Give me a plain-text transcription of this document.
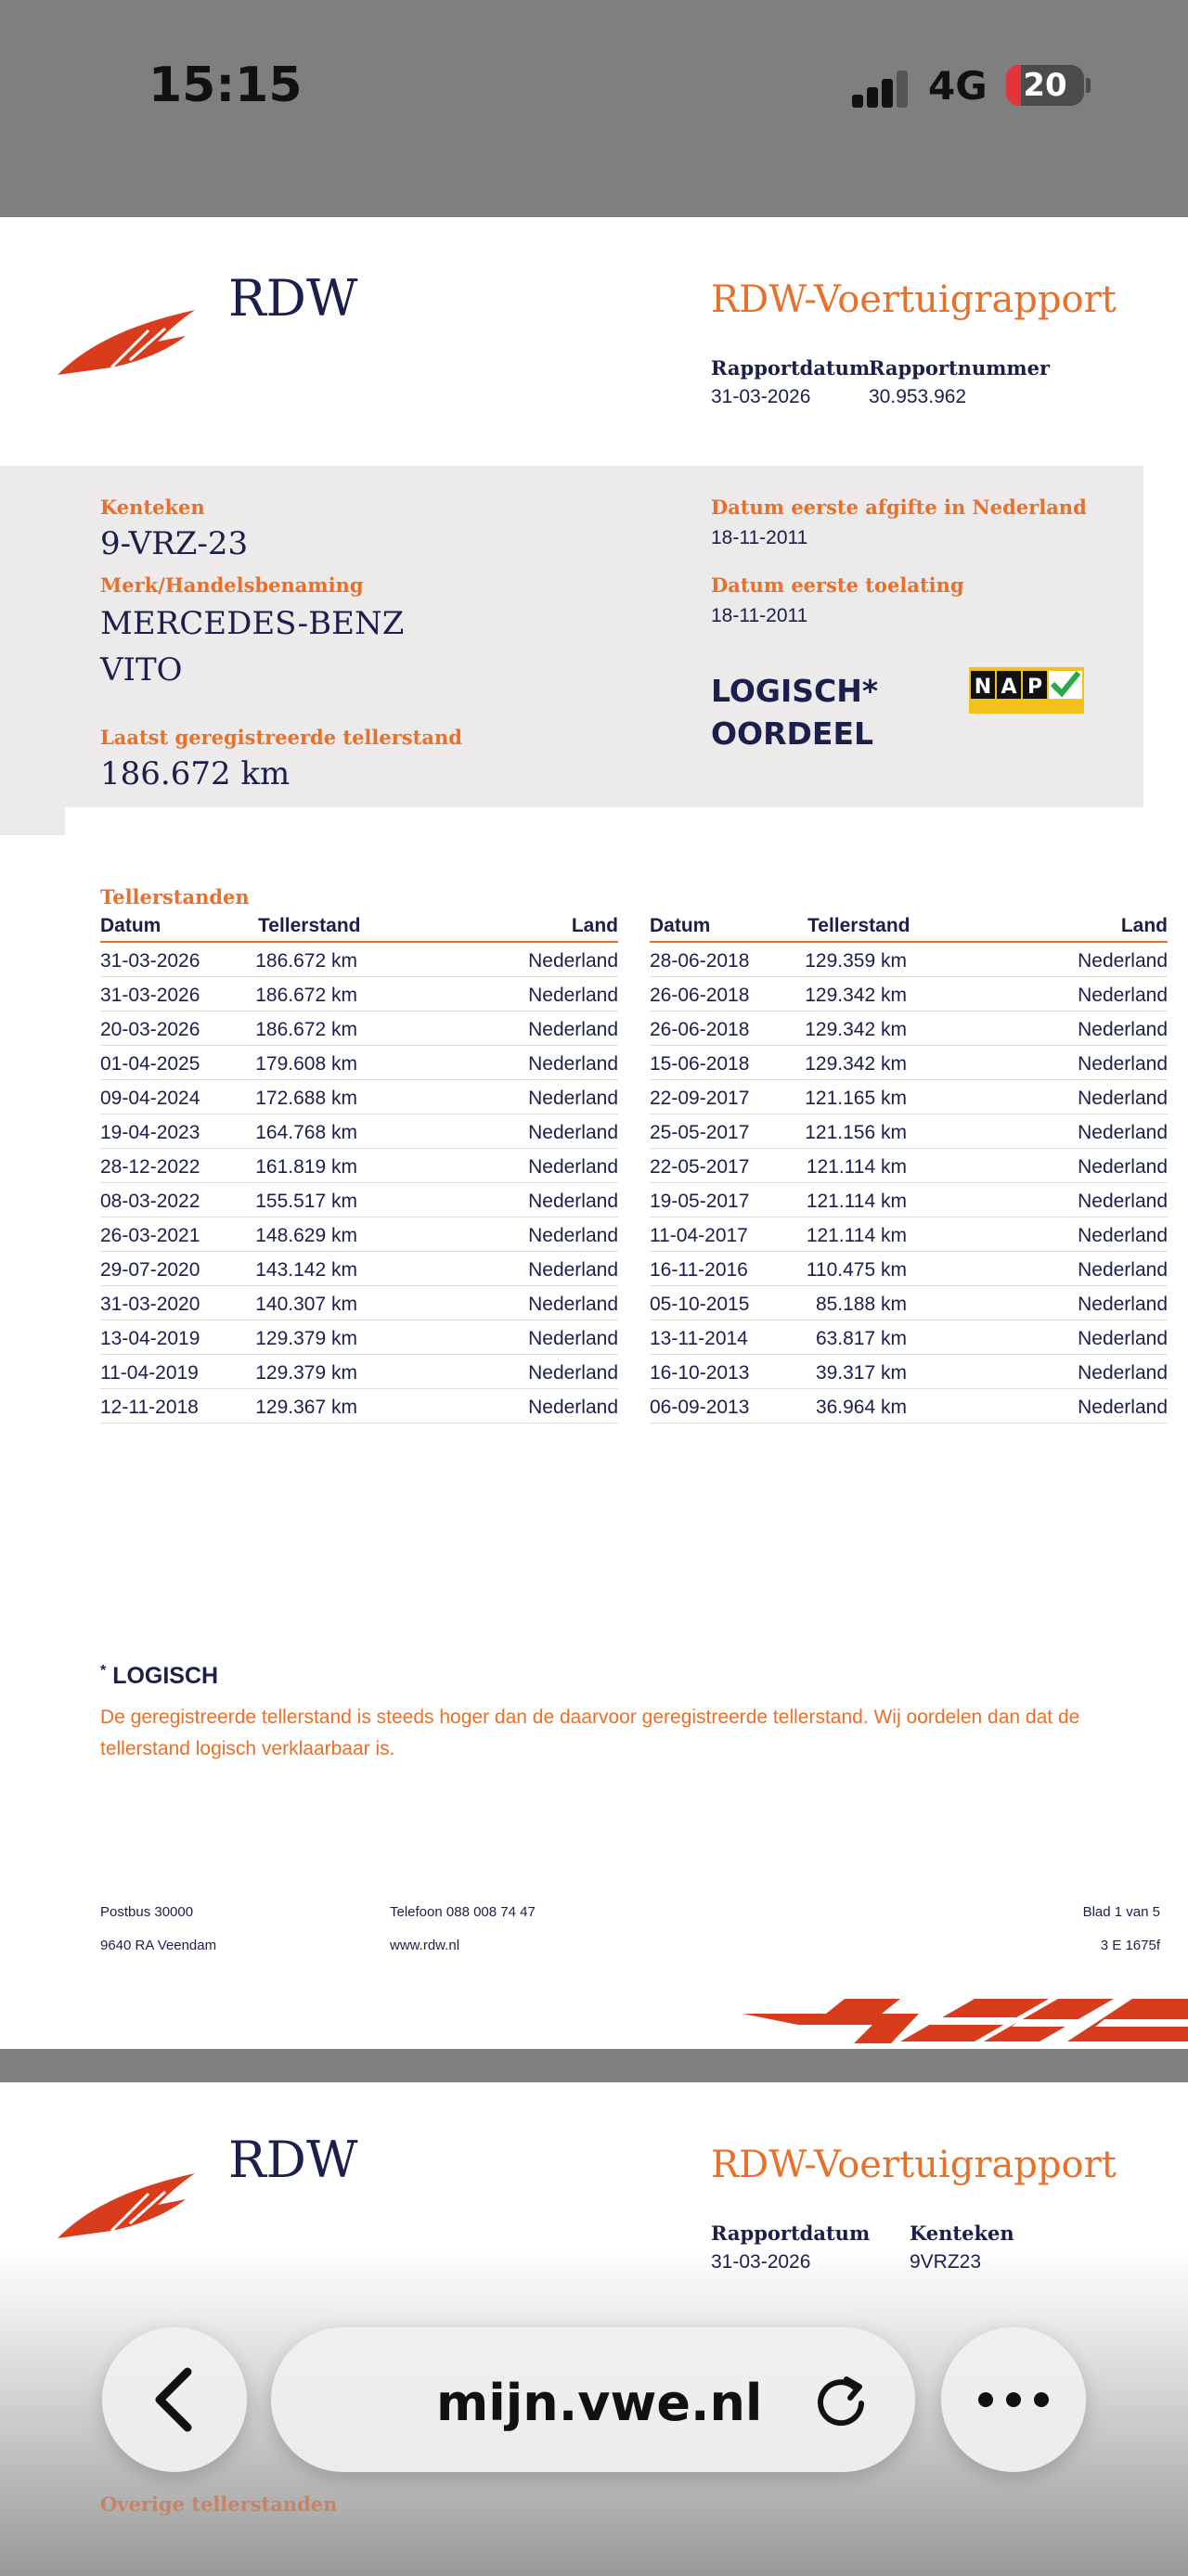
15:15	4G	20
RDW	RDW-Voertuigrapport
Rapportdatum
31-03-2026
Rapportnummer
30.953.962
Kenteken
9-VRZ-23
Merk/Handelsbenaming
MERCEDES-BENZ
VITO
Laatst geregistreerde tellerstand
186.672 km
Datum eerste afgifte in Nederland
18-11-2011
Datum eerste toelating
18-11-2011
LOGISCH*
OORDEEL
N A P
Tellerstanden
Datum	Tellerstand	Land
31-03-2026	186.672 km	Nederland
31-03-2026	186.672 km	Nederland
20-03-2026	186.672 km	Nederland
01-04-2025	179.608 km	Nederland
09-04-2024	172.688 km	Nederland
19-04-2023	164.768 km	Nederland
28-12-2022	161.819 km	Nederland
08-03-2022	155.517 km	Nederland
26-03-2021	148.629 km	Nederland
29-07-2020	143.142 km	Nederland
31-03-2020	140.307 km	Nederland
13-04-2019	129.379 km	Nederland
11-04-2019	129.379 km	Nederland
12-11-2018	129.367 km	Nederland
Datum	Tellerstand	Land
28-06-2018	129.359 km	Nederland
26-06-2018	129.342 km	Nederland
26-06-2018	129.342 km	Nederland
15-06-2018	129.342 km	Nederland
22-09-2017	121.165 km	Nederland
25-05-2017	121.156 km	Nederland
22-05-2017	121.114 km	Nederland
19-05-2017	121.114 km	Nederland
11-04-2017	121.114 km	Nederland
16-11-2016	110.475 km	Nederland
05-10-2015	85.188 km	Nederland
13-11-2014	63.817 km	Nederland
16-10-2013	39.317 km	Nederland
06-09-2013	36.964 km	Nederland
* LOGISCH
De geregistreerde tellerstand is steeds hoger dan de daarvoor geregistreerde tellerstand. Wij oordelen dan dat de tellerstand logisch verklaarbaar is.
Postbus 30000
9640 RA Veendam
Telefoon 088 008 74 47
www.rdw.nl
Blad 1 van 5
3 E 1675f
RDW	RDW-Voertuigrapport
Rapportdatum
31-03-2026
Kenteken
9VRZ23
Overige tellerstanden
mijn.vwe.nl
